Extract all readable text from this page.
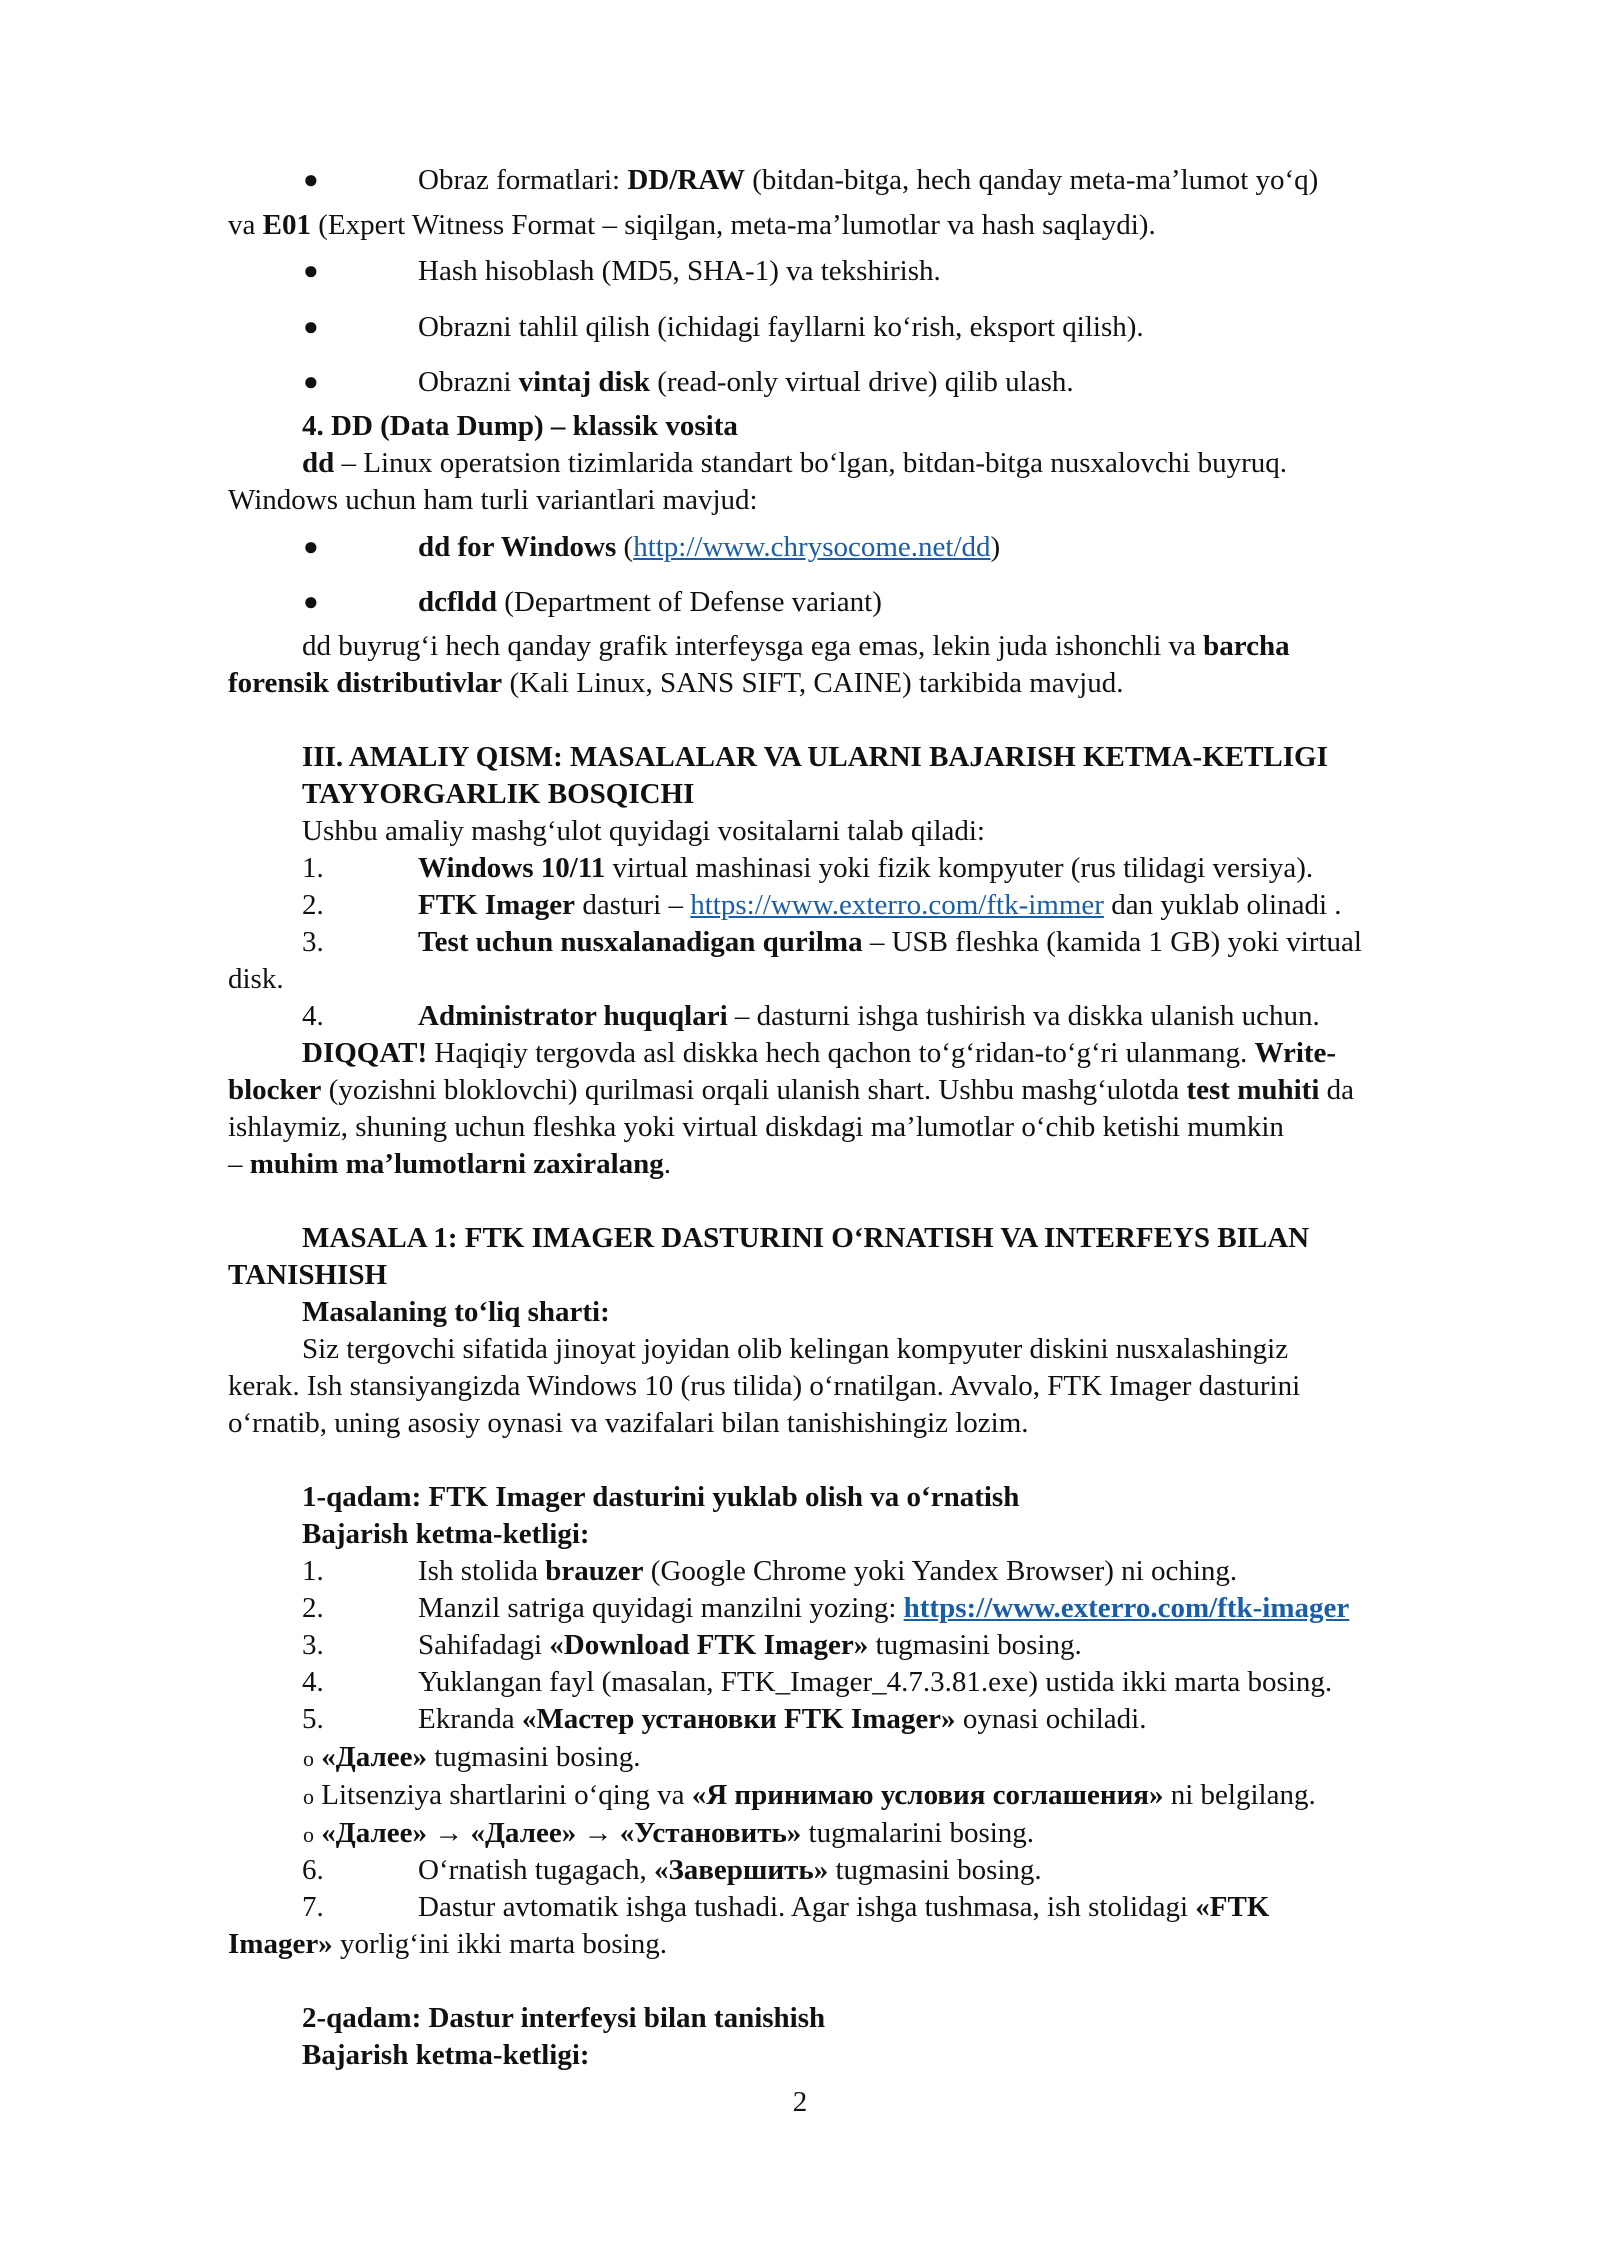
●	Obraz formatlari: DD/RAW (bitdan-bitga, hech qanday meta-ma’lumot yo‘q)
va E01 (Expert Witness Format – siqilgan, meta-ma’lumotlar va hash saqlaydi).
●	Hash hisoblash (MD5, SHA-1) va tekshirish.
●	Obrazni tahlil qilish (ichidagi fayllarni ko‘rish, eksport qilish).
●	Obrazni vintaj disk (read-only virtual drive) qilib ulash.
4. DD (Data Dump) – klassik vosita
dd – Linux operatsion tizimlarida standart bo‘lgan, bitdan-bitga nusxalovchi buyruq.
Windows uchun ham turli variantlari mavjud:
●	dd for Windows (http://www.chrysocome.net/dd)
●	dcfldd (Department of Defense variant)
dd buyrug‘i hech qanday grafik interfeysga ega emas, lekin juda ishonchli va barcha
forensik distributivlar (Kali Linux, SANS SIFT, CAINE) tarkibida mavjud.
III. AMALIY QISM: MASALALAR VA ULARNI BAJARISH KETMA-KETLIGI
TAYYORGARLIK BOSQICHI
Ushbu amaliy mashg‘ulot quyidagi vositalarni talab qiladi:
1.	Windows 10/11 virtual mashinasi yoki fizik kompyuter (rus tilidagi versiya).
2.	FTK Imager dasturi – https://www.exterro.com/ftk-immer dan yuklab olinadi .
3.	Test uchun nusxalanadigan qurilma – USB fleshka (kamida 1 GB) yoki virtual
disk.
4.	Administrator huquqlari – dasturni ishga tushirish va diskka ulanish uchun.
DIQQAT! Haqiqiy tergovda asl diskka hech qachon to‘g‘ridan-to‘g‘ri ulanmang. Write-
blocker (yozishni bloklovchi) qurilmasi orqali ulanish shart. Ushbu mashg‘ulotda test muhiti da
ishlaymiz, shuning uchun fleshka yoki virtual diskdagi ma’lumotlar o‘chib ketishi mumkin
– muhim ma’lumotlarni zaxiralang.
MASALA 1: FTK IMAGER DASTURINI O‘RNATISH VA INTERFEYS BILAN
TANISHISH
Masalaning to‘liq sharti:
Siz tergovchi sifatida jinoyat joyidan olib kelingan kompyuter diskini nusxalashingiz
kerak. Ish stansiyangizda Windows 10 (rus tilida) o‘rnatilgan. Avvalo, FTK Imager dasturini
o‘rnatib, uning asosiy oynasi va vazifalari bilan tanishishingiz lozim.
1-qadam: FTK Imager dasturini yuklab olish va o‘rnatish
Bajarish ketma-ketligi:
1.	Ish stolida brauzer (Google Chrome yoki Yandex Browser) ni oching.
2.	Manzil satriga quyidagi manzilni yozing: https://www.exterro.com/ftk-imager
3.	Sahifadagi «Download FTK Imager» tugmasini bosing.
4.	Yuklangan fayl (masalan, FTK_Imager_4.7.3.81.exe) ustida ikki marta bosing.
5.	Ekranda «Мастер установки FTK Imager» oynasi ochiladi.
o «Далее» tugmasini bosing.
o Litsenziya shartlarini o‘qing va «Я принимаю условия соглашения» ni belgilang.
o «Далее» → «Далее» → «Установить» tugmalarini bosing.
6.	O‘rnatish tugagach, «Завершить» tugmasini bosing.
7.	Dastur avtomatik ishga tushadi. Agar ishga tushmasa, ish stolidagi «FTK
Imager» yorlig‘ini ikki marta bosing.
2-qadam: Dastur interfeysi bilan tanishish
Bajarish ketma-ketligi:
2
